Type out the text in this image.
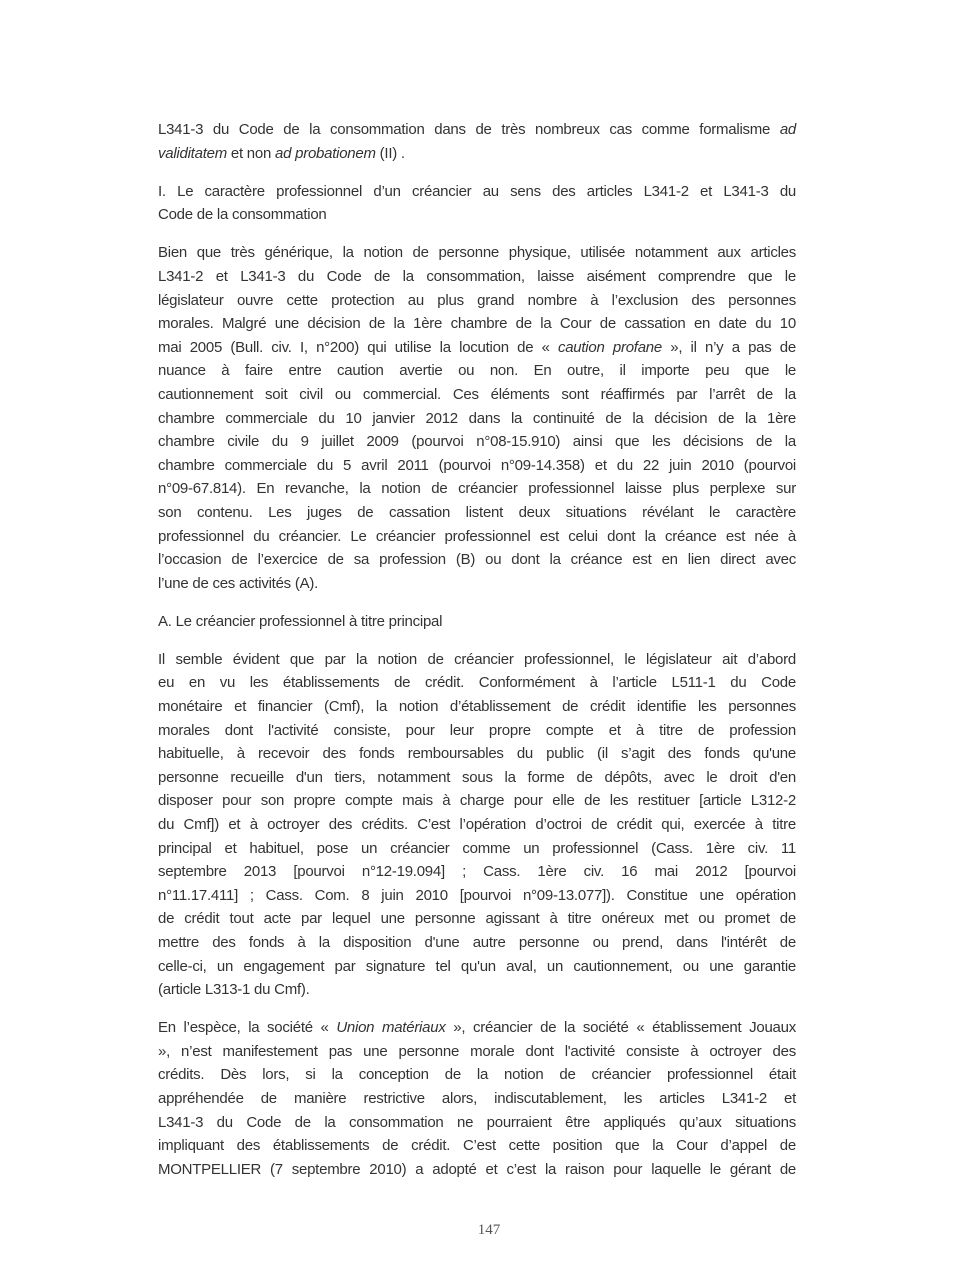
L341-3 du Code de la consommation dans de très nombreux cas comme formalisme ad
validitatem et non ad probationem (II) .
I. Le caractère professionnel d’un créancier au sens des articles L341-2 et L341-3 du
Code de la consommation
Bien que très générique, la notion de personne physique, utilisée notamment aux articles
L341-2 et L341-3 du Code de la consommation, laisse aisément comprendre que le
législateur ouvre cette protection au plus grand nombre à l’exclusion des personnes
morales. Malgré une décision de la 1ère chambre de la Cour de cassation en date du 10
mai 2005 (Bull. civ. I, n°200) qui utilise la locution de « caution profane », il n’y a pas de
nuance à faire entre caution avertie ou non. En outre, il importe peu que le
cautionnement soit civil ou commercial. Ces éléments sont réaffirmés par l’arrêt de la
chambre commerciale du 10 janvier 2012 dans la continuité de la décision de la 1ère
chambre civile du 9 juillet 2009 (pourvoi n°08-15.910) ainsi que les décisions de la
chambre commerciale du 5 avril 2011 (pourvoi n°09-14.358) et du 22 juin 2010 (pourvoi
n°09-67.814). En revanche, la notion de créancier professionnel laisse plus perplexe sur
son contenu. Les juges de cassation listent deux situations révélant le caractère
professionnel du créancier. Le créancier professionnel est celui dont la créance est née à
l’occasion de l’exercice de sa profession (B) ou dont la créance est en lien direct avec
l’une de ces activités (A).
A. Le créancier professionnel à titre principal
Il semble évident que par la notion de créancier professionnel, le législateur ait d’abord
eu en vu les établissements de crédit. Conformément à l’article L511-1 du Code
monétaire et financier (Cmf), la notion d’établissement de crédit identifie les personnes
morales dont l'activité consiste, pour leur propre compte et à titre de profession
habituelle, à recevoir des fonds remboursables du public (il s’agit des fonds qu'une
personne recueille d'un tiers, notamment sous la forme de dépôts, avec le droit d'en
disposer pour son propre compte mais à charge pour elle de les restituer [article L312-2
du Cmf]) et à octroyer des crédits. C’est l’opération d’octroi de crédit qui, exercée à titre
principal et habituel, pose un créancier comme un professionnel (Cass. 1ère civ. 11
septembre 2013 [pourvoi n°12-19.094] ; Cass. 1ère civ. 16 mai 2012 [pourvoi
n°11.17.411] ; Cass. Com. 8 juin 2010 [pourvoi n°09-13.077]). Constitue une opération
de crédit tout acte par lequel une personne agissant à titre onéreux met ou promet de
mettre des fonds à la disposition d'une autre personne ou prend, dans l'intérêt de
celle-ci, un engagement par signature tel qu'un aval, un cautionnement, ou une garantie
(article L313-1 du Cmf).
En l’espèce, la société « Union matériaux », créancier de la société « établissement Jouaux
», n’est manifestement pas une personne morale dont l'activité consiste à octroyer des
crédits. Dès lors, si la conception de la notion de créancier professionnel était
appréhendée de manière restrictive alors, indiscutablement, les articles L341-2 et
L341-3 du Code de la consommation ne pourraient être appliqués qu’aux situations
impliquant des établissements de crédit. C’est cette position que la Cour d’appel de
MONTPELLIER (7 septembre 2010) a adopté et c’est la raison pour laquelle le gérant de
147
